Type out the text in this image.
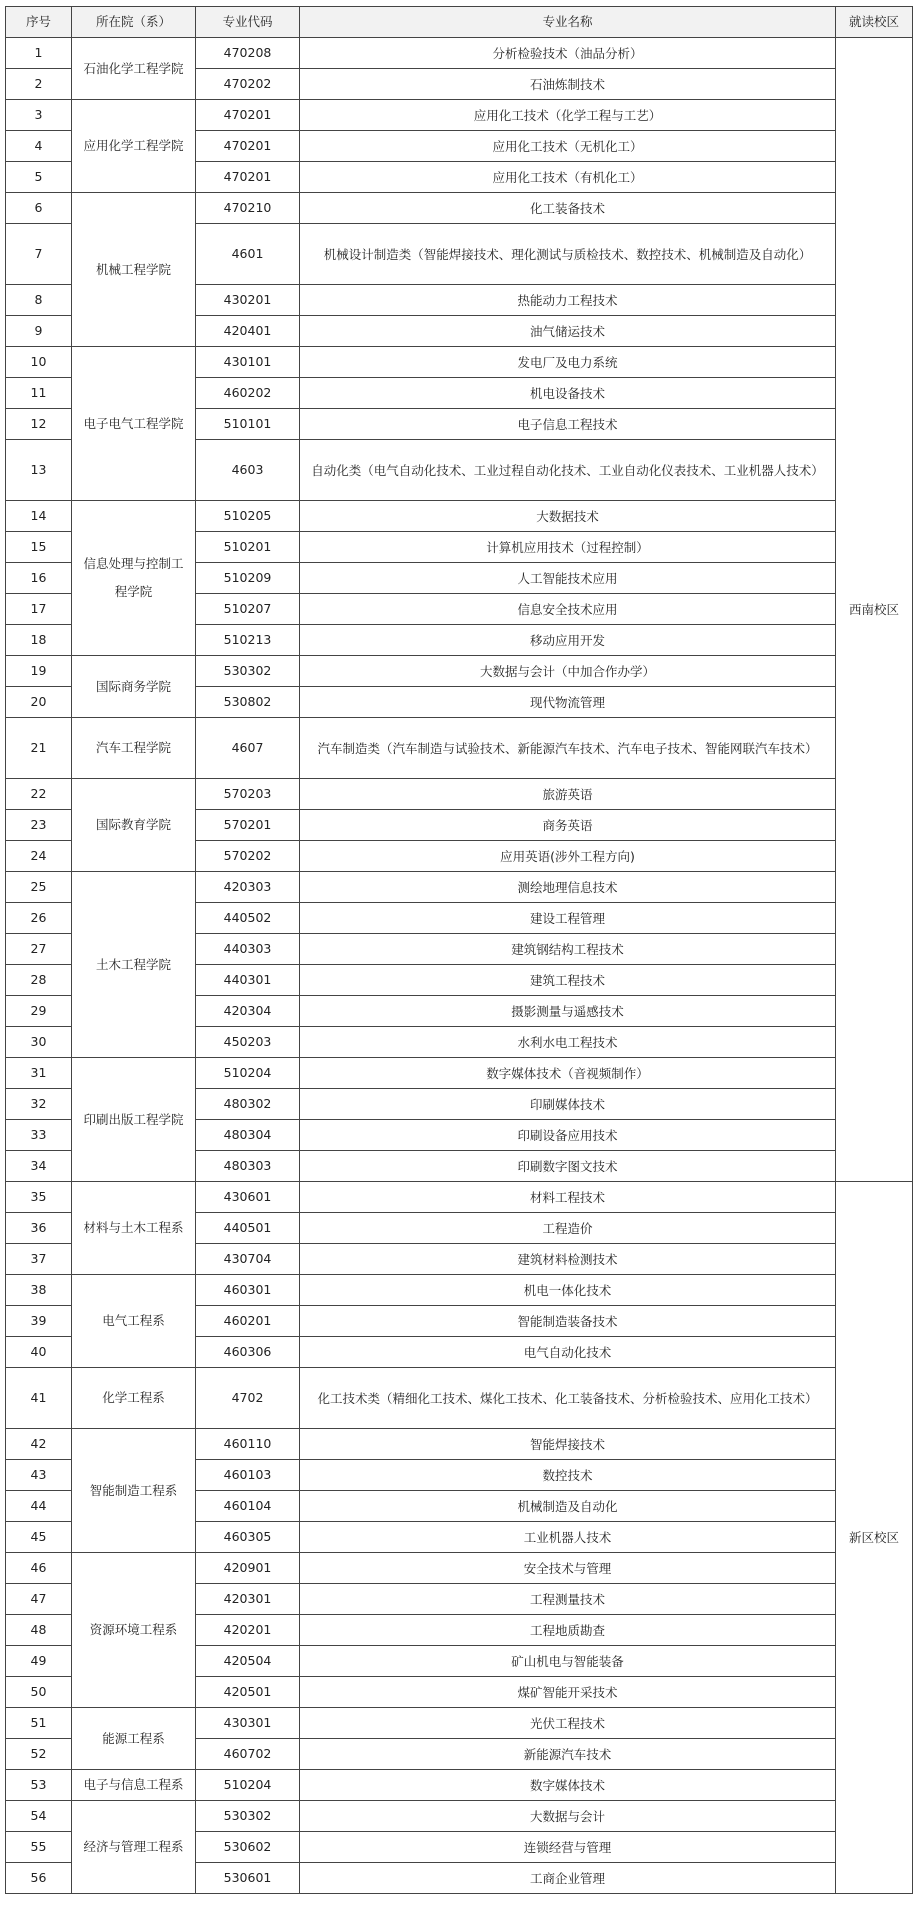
序号	所在院（系）	专业代码	专业名称	就读校区
1	石油化学工程学院	470208	分析检验技术（油品分析）	西南校区
2		470202	石油炼制技术	
3	应用化学工程学院	470201	应用化工技术（化学工程与工艺）	
4		470201	应用化工技术（无机化工）	
5		470201	应用化工技术（有机化工）	
6	机械工程学院	470210	化工装备技术	
7		4601	机械设计制造类（智能焊接技术、理化测试与质检技术、数控技术、机械制造及自动化）	
8		430201	热能动力工程技术	
9		420401	油气储运技术	
10	电子电气工程学院	430101	发电厂及电力系统	
11		460202	机电设备技术	
12		510101	电子信息工程技术	
13		4603	自动化类（电气自动化技术、工业过程自动化技术、工业自动化仪表技术、工业机器人技术）	
14	信息处理与控制工程学院	510205	大数据技术	
15		510201	计算机应用技术（过程控制）	
16		510209	人工智能技术应用	
17		510207	信息安全技术应用	
18		510213	移动应用开发	
19	国际商务学院	530302	大数据与会计（中加合作办学）	
20		530802	现代物流管理	
21	汽车工程学院	4607	汽车制造类（汽车制造与试验技术、新能源汽车技术、汽车电子技术、智能网联汽车技术）	
22	国际教育学院	570203	旅游英语	
23		570201	商务英语	
24		570202	应用英语(涉外工程方向)	
25	土木工程学院	420303	测绘地理信息技术	
26		440502	建设工程管理	
27		440303	建筑钢结构工程技术	
28		440301	建筑工程技术	
29		420304	摄影测量与遥感技术	
30		450203	水利水电工程技术	
31	印刷出版工程学院	510204	数字媒体技术（音视频制作）	
32		480302	印刷媒体技术	
33		480304	印刷设备应用技术	
34		480303	印刷数字图文技术	
35	材料与土木工程系	430601	材料工程技术	新区校区
36		440501	工程造价	
37		430704	建筑材料检测技术	
38	电气工程系	460301	机电一体化技术	
39		460201	智能制造装备技术	
40		460306	电气自动化技术	
41	化学工程系	4702	化工技术类（精细化工技术、煤化工技术、化工装备技术、分析检验技术、应用化工技术）	
42	智能制造工程系	460110	智能焊接技术	
43		460103	数控技术	
44		460104	机械制造及自动化	
45		460305	工业机器人技术	
46	资源环境工程系	420901	安全技术与管理	
47		420301	工程测量技术	
48		420201	工程地质勘查	
49		420504	矿山机电与智能装备	
50		420501	煤矿智能开采技术	
51	能源工程系	430301	光伏工程技术	
52		460702	新能源汽车技术	
53	电子与信息工程系	510204	数字媒体技术	
54	经济与管理工程系	530302	大数据与会计	
55		530602	连锁经营与管理	
56		530601	工商企业管理	
